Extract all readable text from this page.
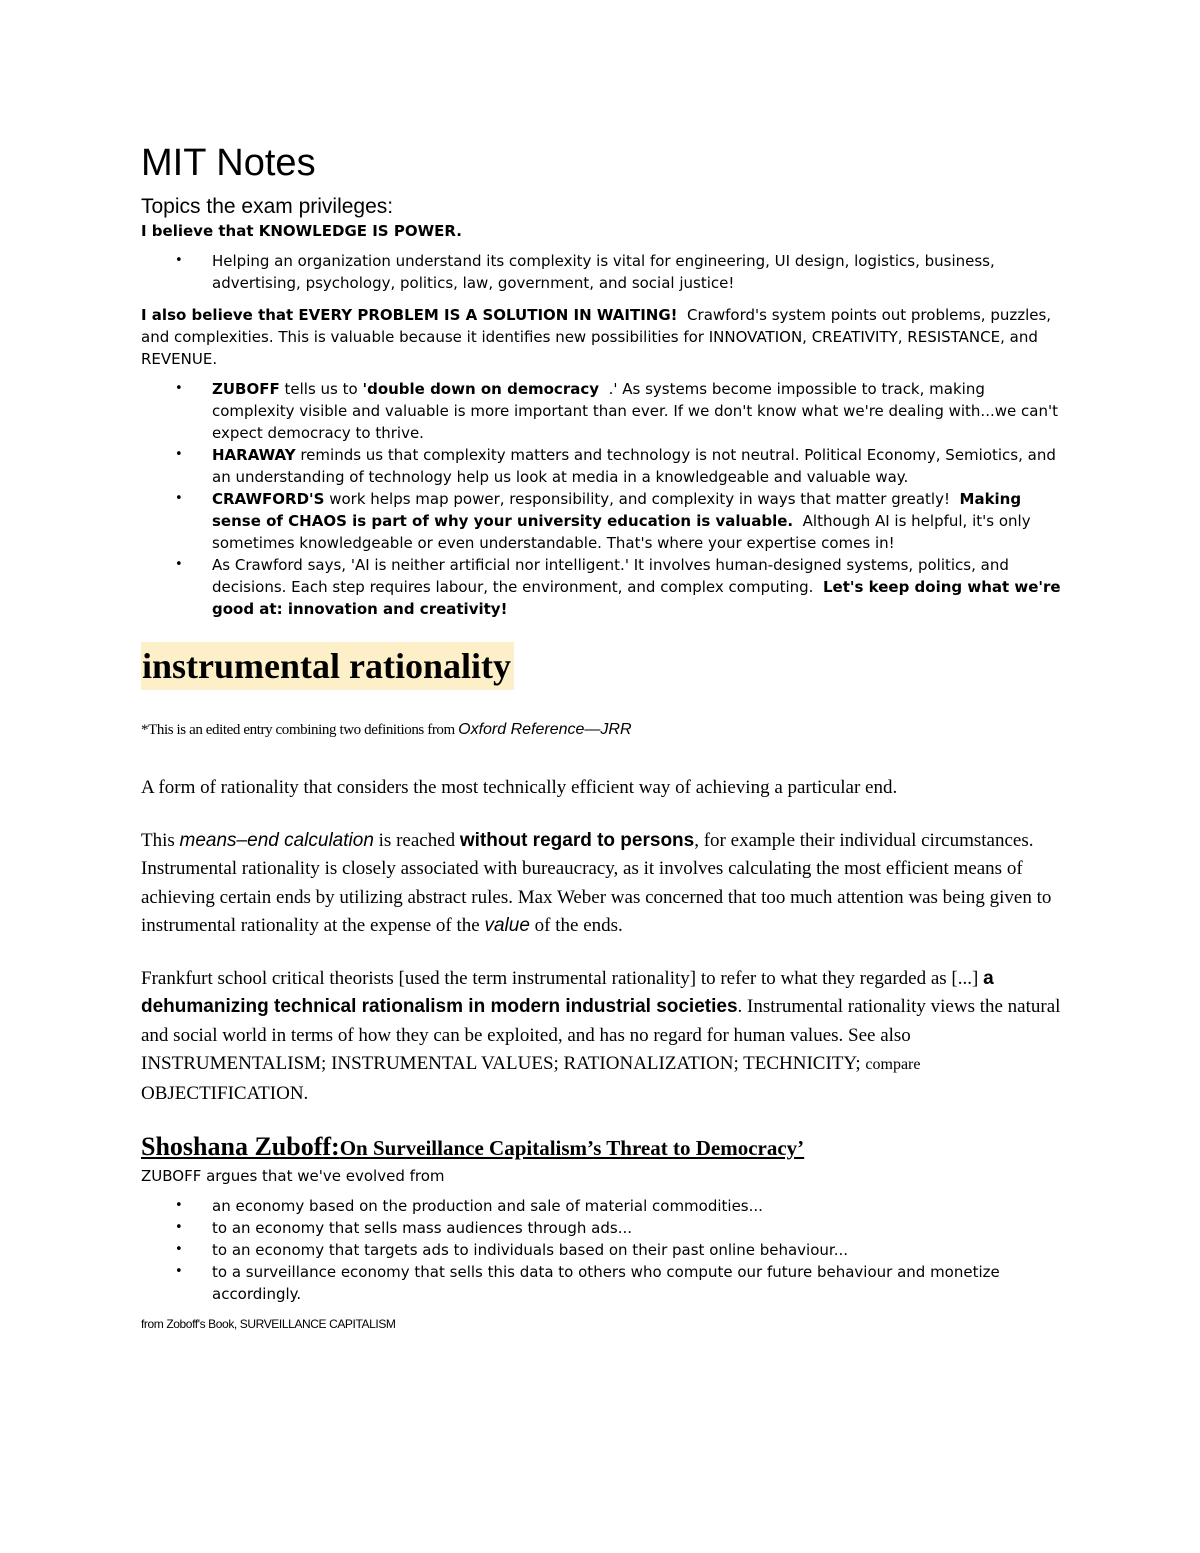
MIT Notes
Topics the exam privileges:

I believe that KNOWLEDGE IS POWER.

• Helping an organization understand its complexity is vital for engineering, UI design, logistics, business, advertising, psychology, politics, law, government, and social justice!

I also believe that EVERY PROBLEM IS A SOLUTION IN WAITING! Crawford's system points out problems, puzzles, and complexities. This is valuable because it identifies new possibilities for INNOVATION, CREATIVITY, RESISTANCE, and REVENUE.

• ZUBOFF tells us to 'double down on democracy .' As systems become impossible to track, making complexity visible and valuable is more important than ever. If we don't know what we're dealing with...we can't expect democracy to thrive.
• HARAWAY reminds us that complexity matters and technology is not neutral. Political Economy, Semiotics, and an understanding of technology help us look at media in a knowledgeable and valuable way.
• CRAWFORD'S work helps map power, responsibility, and complexity in ways that matter greatly! Making sense of CHAOS is part of why your university education is valuable. Although AI is helpful, it's only sometimes knowledgeable or even understandable. That's where your expertise comes in!
• As Crawford says, 'AI is neither artificial nor intelligent.' It involves human-designed systems, politics, and decisions. Each step requires labour, the environment, and complex computing. Let's keep doing what we're good at: innovation and creativity!
instrumental rationality

*This is an edited entry combining two definitions from Oxford Reference—JRR

A form of rationality that considers the most technically efficient way of achieving a particular end.

This means–end calculation is reached without regard to persons, for example their individual circumstances. Instrumental rationality is closely associated with bureaucracy, as it involves calculating the most efficient means of achieving certain ends by utilizing abstract rules. Max Weber was concerned that too much attention was being given to instrumental rationality at the expense of the value of the ends.

Frankfurt school critical theorists [used the term instrumental rationality] to refer to what they regarded as [...] a dehumanizing technical rationalism in modern industrial societies. Instrumental rationality views the natural and social world in terms of how they can be exploited, and has no regard for human values. See also INSTRUMENTALISM; INSTRUMENTAL VALUES; RATIONALIZATION; TECHNICITY; compare OBJECTIFICATION.

Shoshana Zuboff:On Surveillance Capitalism’s Threat to Democracy’

ZUBOFF argues that we've evolved from

• an economy based on the production and sale of material commodities...
• to an economy that sells mass audiences through ads...
• to an economy that targets ads to individuals based on their past online behaviour...
• to a surveillance economy that sells this data to others who compute our future behaviour and monetize accordingly.

from Zoboff's Book, SURVEILLANCE CAPITALISM
